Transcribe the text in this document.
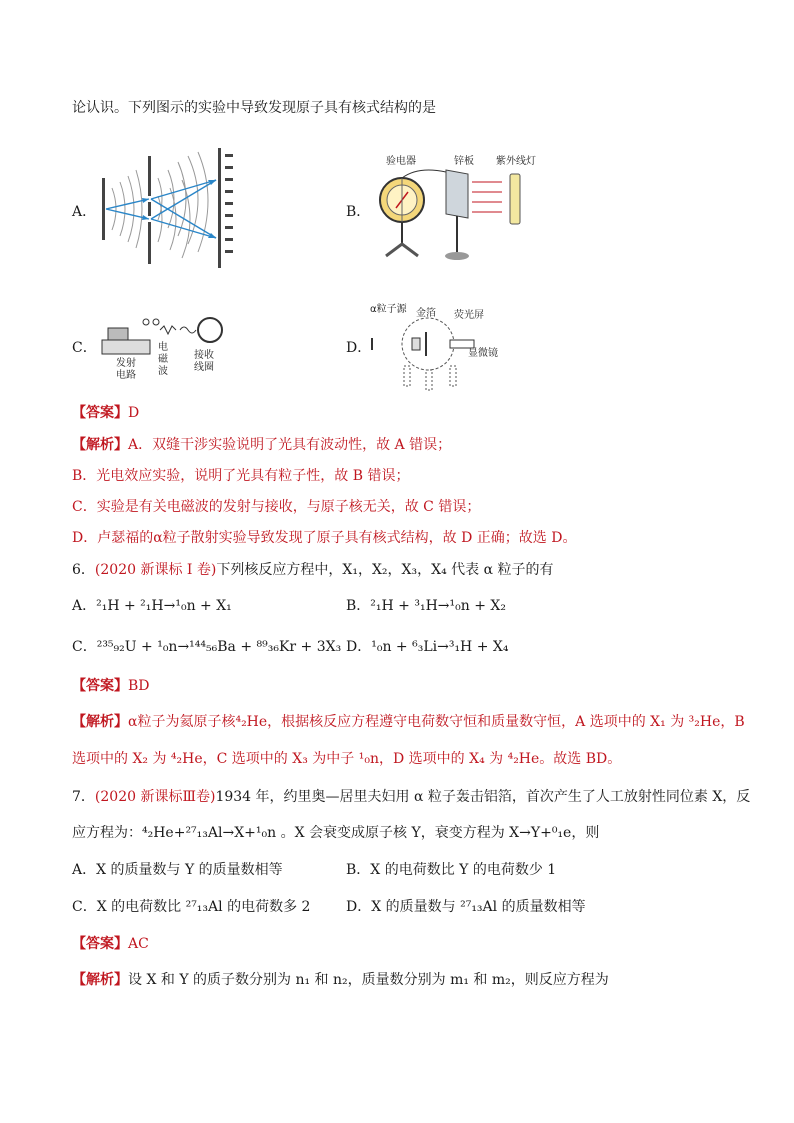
论认识。下列图示的实验中导致发现原子具有核式结构的是
A．	B．
验电器	锌板 紫外线灯
C．
发射
电路
电
磁
波
接收
线圈
D．
α粒子源 金箔 荧光屏
显微镜
【答案】D
【解析】A．双缝干涉实验说明了光具有波动性，故 A 错误；
B．光电效应实验，说明了光具有粒子性，故 B 错误；
C．实验是有关电磁波的发射与接收，与原子核无关，故 C 错误；
D．卢瑟福的α粒子散射实验导致发现了原子具有核式结构，故 D 正确；故选 D。
6．(2020 新课标 Ⅰ 卷)下列核反应方程中，X₁，X₂，X₃，X₄ 代表 α 粒子的有
A．²₁H + ²₁H→¹₀n + X₁	B．²₁H + ³₁H→¹₀n + X₂
C．²³⁵₉₂U + ¹₀n→¹⁴⁴₅₆Ba + ⁸⁹₃₆Kr + 3X₃ D．¹₀n + ⁶₃Li→³₁H + X₄
【答案】BD
【解析】α粒子为氦原子核⁴₂He，根据核反应方程遵守电荷数守恒和质量数守恒，A 选项中的 X₁ 为 ³₂He，B
选项中的 X₂ 为 ⁴₂He，C 选项中的 X₃ 为中子 ¹₀n，D 选项中的 X₄ 为 ⁴₂He。故选 BD。
7．(2020 新课标Ⅲ卷)1934 年，约里奥—居里夫妇用 α 粒子轰击铝箔，首次产生了人工放射性同位素 X，反
应方程为：⁴₂He+²⁷₁₃Al→X+¹₀n 。X 会衰变成原子核 Y，衰变方程为 X→Y+⁰₁e，则
A．X 的质量数与 Y 的质量数相等	B．X 的电荷数比 Y 的电荷数少 1
C．X 的电荷数比 ²⁷₁₃Al 的电荷数多 2	D．X 的质量数与 ²⁷₁₃Al 的质量数相等
【答案】AC
【解析】设 X 和 Y 的质子数分别为 n₁ 和 n₂，质量数分别为 m₁ 和 m₂，则反应方程为
